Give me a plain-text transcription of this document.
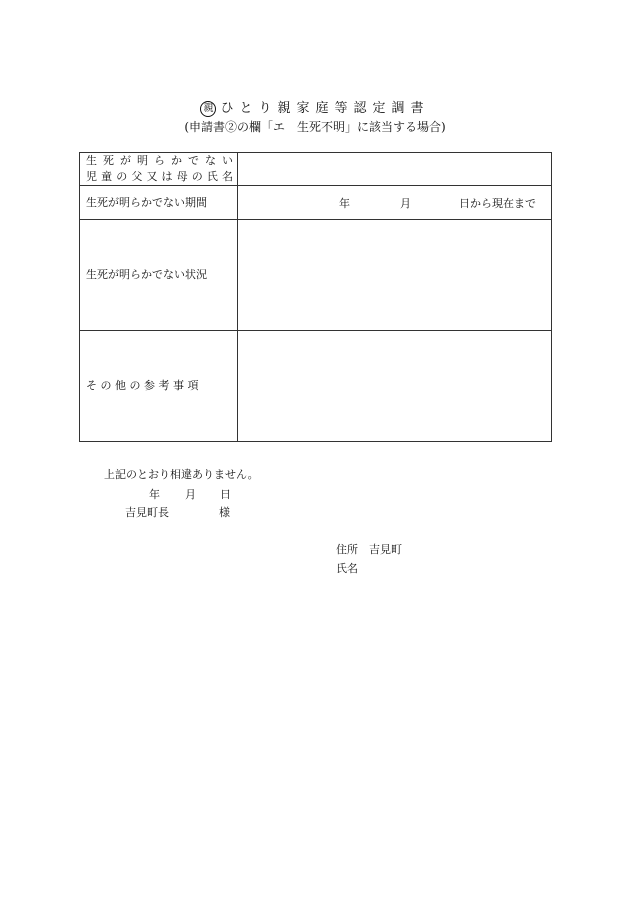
親 ひとり親家庭等認定調書
(申請書②の欄「エ　生死不明」に該当する場合)
生死が明らかでない
児童の父又は母の氏名	

生死が明らかでない期間	年 月 日から現在まで

生死が明らかでない状況	
そ の 他 の 参 考 事 項	
上記のとおり相違ありません。
年 月 日
吉見町長	様
住所　吉見町
氏名
